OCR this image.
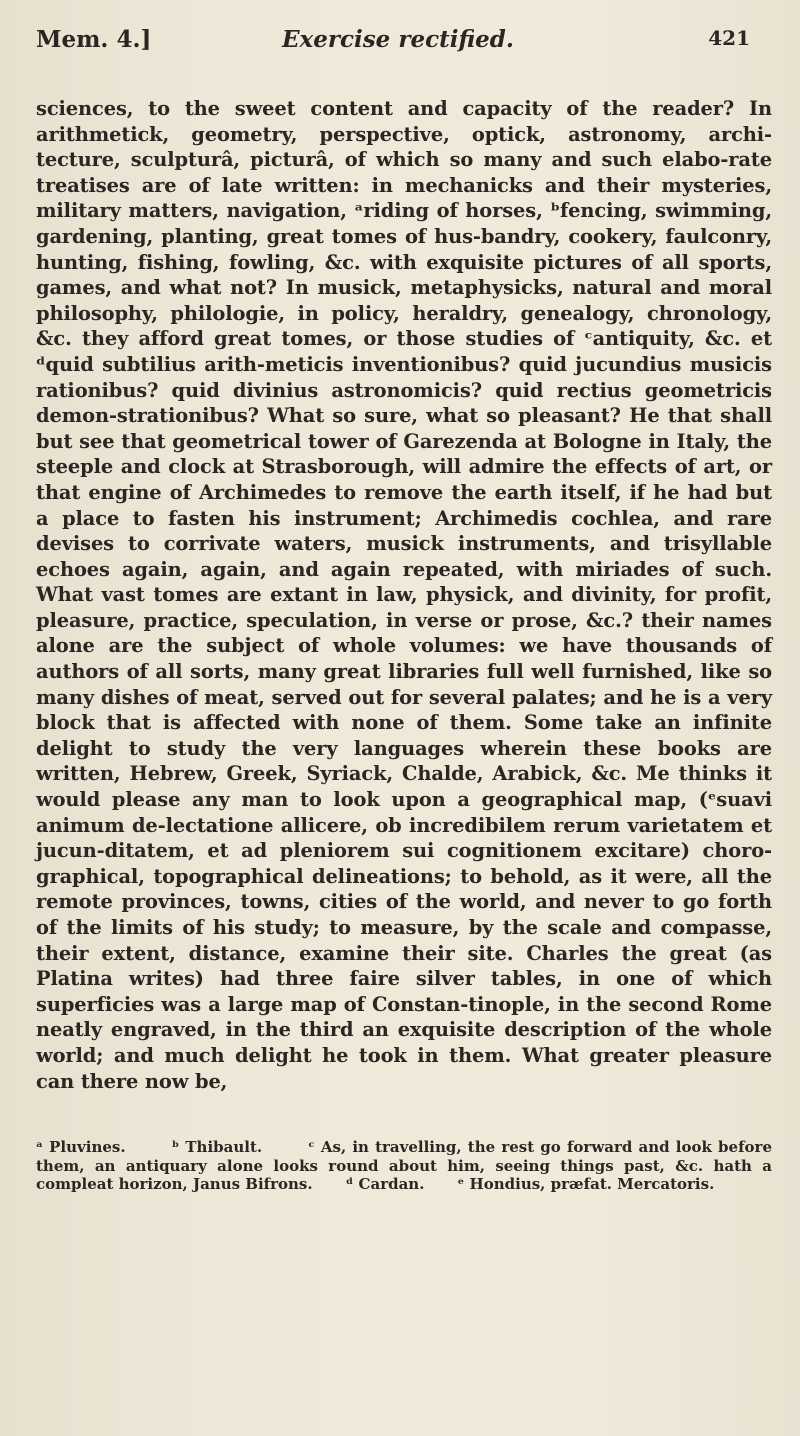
Mem. 4.]	Exercise rectified.	421
sciences, to the sweet content and capacity of the reader? In arithmetick, geometry, perspective, optick, astronomy, archi-tecture, sculpturâ, picturâ, of which so many and such elabo-rate treatises are of late written: in mechanicks and their mysteries, military matters, navigation, ᵃriding of horses, ᵇfencing, swimming, gardening, planting, great tomes of hus-bandry, cookery, faulconry, hunting, fishing, fowling, &c. with exquisite pictures of all sports, games, and what not? In musick, metaphysicks, natural and moral philosophy, philologie, in policy, heraldry, genealogy, chronology, &c. they afford great tomes, or those studies of ᶜantiquity, &c. et ᵈquid subtilius arith-meticis inventionibus? quid jucundius musicis rationibus? quid divinius astronomicis? quid rectius geometricis demon-strationibus? What so sure, what so pleasant? He that shall but see that geometrical tower of Garezenda at Bologne in Italy, the steeple and clock at Strasborough, will admire the effects of art, or that engine of Archimedes to remove the earth itself, if he had but a place to fasten his instrument; Archimedis cochlea, and rare devises to corrivate waters, musick instruments, and trisyllable echoes again, again, and again repeated, with miriades of such. What vast tomes are extant in law, physick, and divinity, for profit, pleasure, practice, speculation, in verse or prose, &c.? their names alone are the subject of whole volumes: we have thousands of authors of all sorts, many great libraries full well furnished, like so many dishes of meat, served out for several palates; and he is a very block that is affected with none of them. Some take an infinite delight to study the very languages wherein these books are written, Hebrew, Greek, Syriack, Chalde, Arabick, &c. Me thinks it would please any man to look upon a geographical map, (ᵉsuavi animum de-lectatione allicere, ob incredibilem rerum varietatem et jucun-ditatem, et ad pleniorem sui cognitionem excitare) choro-graphical, topographical delineations; to behold, as it were, all the remote provinces, towns, cities of the world, and never to go forth of the limits of his study; to measure, by the scale and compasse, their extent, distance, examine their site. Charles the great (as Platina writes) had three faire silver tables, in one of which superficies was a large map of Constan-tinople, in the second Rome neatly engraved, in the third an exquisite description of the whole world; and much delight he took in them. What greater pleasure can there now be,
ᵃ Pluvines.	ᵇ Thibault.	ᶜ As, in travelling, the rest go forward and look before them, an antiquary alone looks round about him, seeing things past, &c. hath a compleat horizon, Janus Bifrons. ᵈ Cardan. ᵉ Hondius, præfat. Mercatoris.
